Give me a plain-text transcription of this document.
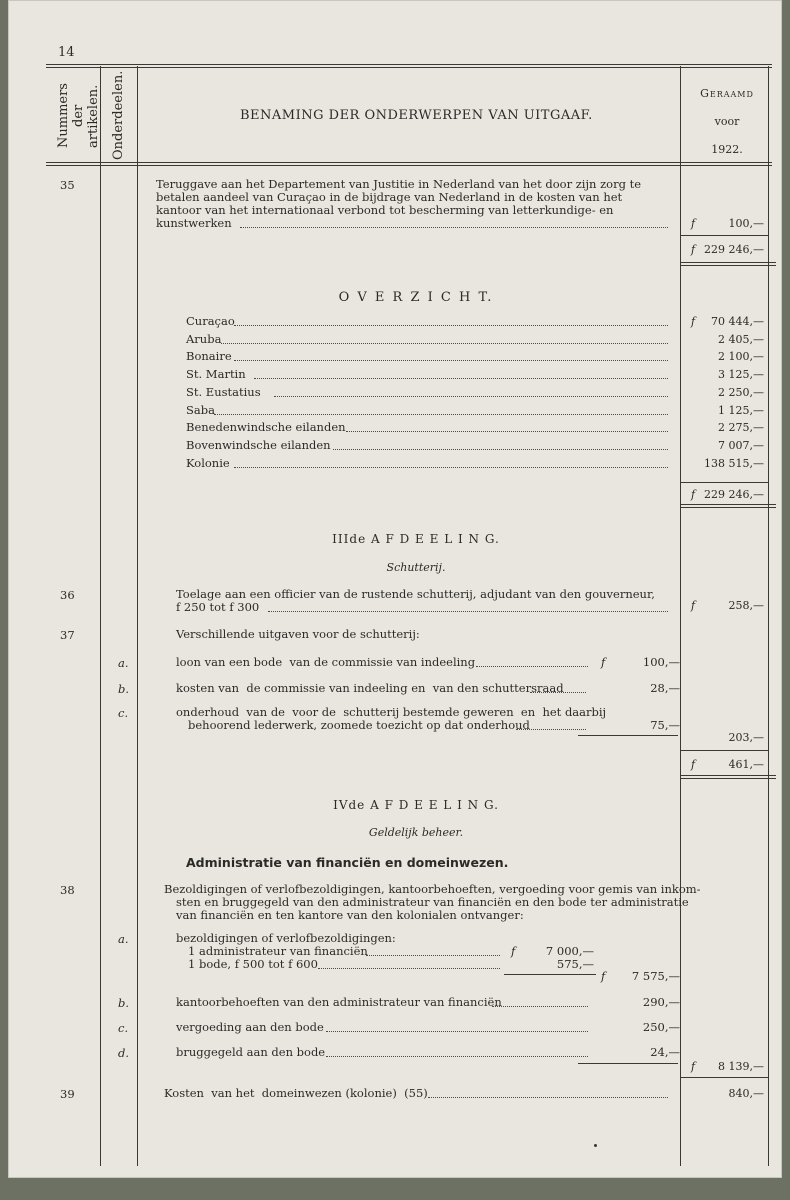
14
Nummers der artikelen. Onderdeelen.	BENAMING DER ONDERWERPEN VAN UITGAAF.
Geraamd
voor
1922.
35	Teruggave aan het Departement van Justitie in Nederland van het door zijn zorg te
betalen aandeel van Curaçao in de bijdrage van Nederland in de kosten van het
kantoor van het internationaal verbond tot bescherming van letterkundige- en
kunstwerken	f	100,—
f 229 246,—
O V E R Z I C H T.
Curaçao	f	70 444,—
Aruba	2 405,—
Bonaire	2 100,—
St. Martin	3 125,—
St. Eustatius	2 250,—
Saba	1 125,—
Benedenwindsche eilanden	2 275,—
Bovenwindsche eilanden	7 007,—
Kolonie	138 515,—
f 229 246,—
IIIde A F D E E L I N G.
Schutterij.
36	Toelage aan een officier van de rustende schutterij, adjudant van den gouverneur,
f 250 tot f 300	f	258,—
37	Verschillende uitgaven voor de schutterij:
a.	loon van een bode  van de commissie van indeeling	f	100,—
b.	kosten van  de commissie van indeeling en  van den schuttersraad	28,—
c.	onderhoud  van de  voor de  schutterij bestemde geweren  en  het daarbij
behoorend lederwerk, zoomede toezicht op dat onderhoud	75,—
203,—
f	461,—
IVde A F D E E L I N G.
Geldelijk beheer.
Administratie van financiën en domeinwezen.
38	Bezoldigingen of verlofbezoldigingen, kantoorbehoeften, vergoeding voor gemis van inkom-
sten en bruggegeld van den administrateur van financiën en den bode ter administratie
van financiën en ten kantore van den kolonialen ontvanger:
a.	bezoldigingen of verlofbezoldigingen:
1 administrateur van financiën	f	7 000,—
1 bode, f 500 tot f 600	575,—
f	7 575,—
b.	kantoorbehoeften van den administrateur van financiën	290,—
c.	vergoeding aan den bode	250,—
d.	bruggegeld aan den bode	24,—
f	8 139,—
39	Kosten  van het  domeinwezen (kolonie)  (55)	840,—
